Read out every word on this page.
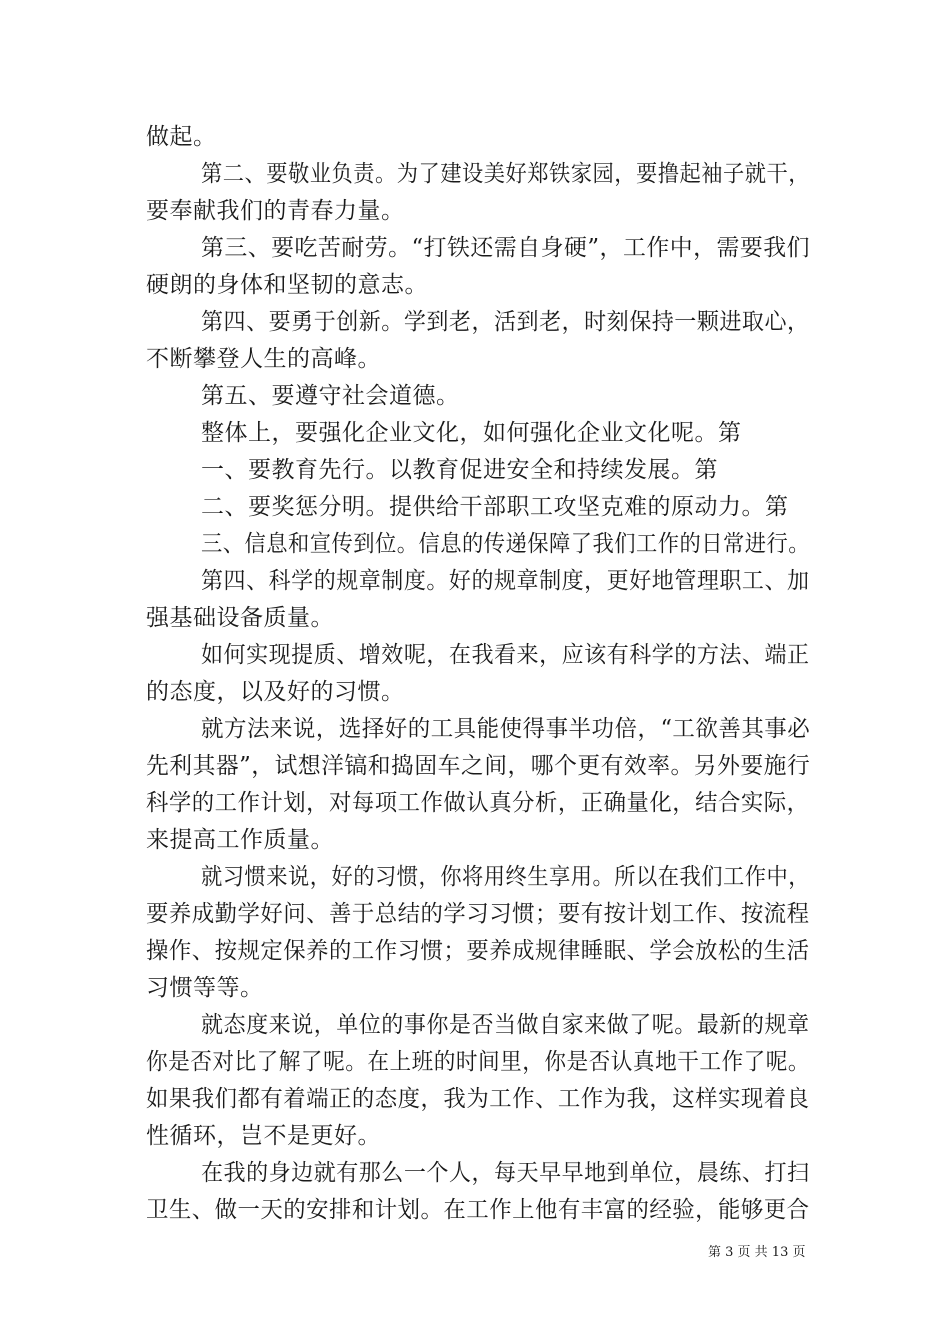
做起。
第二、要敬业负责。为了建设美好郑铁家园，要撸起袖子就干，
要奉献我们的青春力量。
第三、要吃苦耐劳。“打铁还需自身硬”，工作中，需要我们
硬朗的身体和坚韧的意志。
第四、要勇于创新。学到老，活到老，时刻保持一颗进取心，
不断攀登人生的高峰。
第五、要遵守社会道德。
整体上，要强化企业文化，如何强化企业文化呢。第
一、要教育先行。以教育促进安全和持续发展。第
二、要奖惩分明。提供给干部职工攻坚克难的原动力。第
三、信息和宣传到位。信息的传递保障了我们工作的日常进行。
第四、科学的规章制度。好的规章制度，更好地管理职工、加
强基础设备质量。
如何实现提质、增效呢，在我看来，应该有科学的方法、端正
的态度，以及好的习惯。
就方法来说，选择好的工具能使得事半功倍，“工欲善其事必
先利其器”，试想洋镐和捣固车之间，哪个更有效率。另外要施行
科学的工作计划，对每项工作做认真分析，正确量化，结合实际，
来提高工作质量。
就习惯来说，好的习惯，你将用终生享用。所以在我们工作中，
要养成勤学好问、善于总结的学习习惯；要有按计划工作、按流程
操作、按规定保养的工作习惯；要养成规律睡眠、学会放松的生活
习惯等等。
就态度来说，单位的事你是否当做自家来做了呢。最新的规章
你是否对比了解了呢。在上班的时间里，你是否认真地干工作了呢。
如果我们都有着端正的态度，我为工作、工作为我，这样实现着良
性循环，岂不是更好。
在我的身边就有那么一个人，每天早早地到单位，晨练、打扫
卫生、做一天的安排和计划。在工作上他有丰富的经验，能够更合
第 3 页 共 13 页
